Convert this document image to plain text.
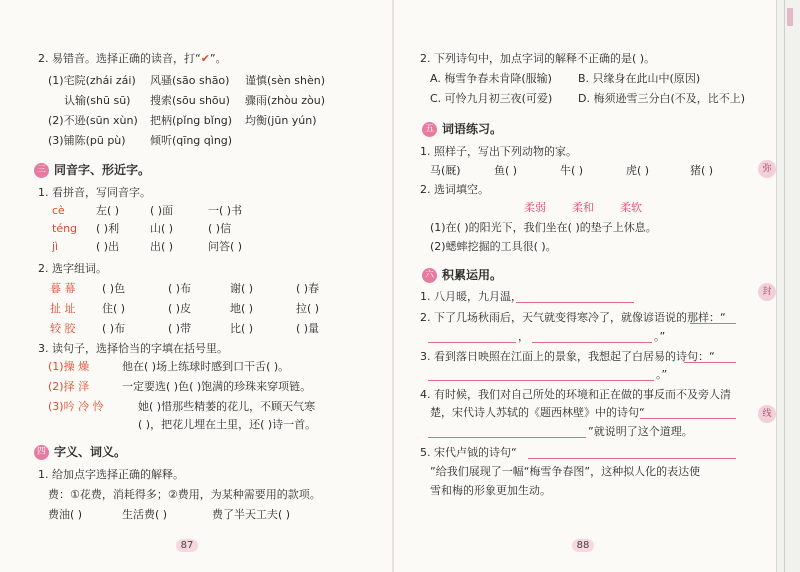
弥
封
线
2. 易错音。选择正确的读音，打“✔”。
(1)宅院(zhái zái) 风骚(sāo shāo) 谨慎(sèn shèn)
认输(shū sū) 搜索(sōu shōu) 骤雨(zhòu zòu)
(2)不逊(sūn xùn) 把柄(pǐng bǐng) 均衡(jūn yún)
(3)铺陈(pū pù) 倾听(qīng qìng)
三 同音字、形近字。
1. 看拼音，写同音字。
cè	左( )	( )面	一( )书
téng ( )利	山( )	( )信
jì	( )出	出( )	问答( )
2. 选字组词。
暮 幕 ( )色	( )布	谢( )	( )春
扯 址 住( )	( )皮	地( )	拉( )
较 胶 ( )布	( )带	比( )	( )量
3. 读句子，选择恰当的字填在括号里。
(1)操 燥	他在( )场上练球时感到口干舌( )。
(2)择 泽	一定要选( )色( )饱满的珍珠来穿项链。
(3)吟 冷 怜	她( )惜那些精萎的花儿，不顾天气寒
( )，把花儿埋在土里，还( )诗一首。
四 字义、词义。
1. 给加点字选择正确的解释。
费：①花费，消耗得多；②费用，为某种需要用的款项。
费油( )	生活费( )	费了半天工夫( )
87
2. 下列诗句中，加点字词的解释不正确的是( )。
A. 梅雪争春未肯降(服输) B. 只缘身在此山中(原因)
C. 可怜九月初三夜(可爱) D. 梅须逊雪三分白(不及，比不上)
五 词语练习。
1. 照样子，写出下列动物的家。
马(厩)	鱼( )	牛( )	虎( )	猪( )
2. 选词填空。
柔弱 柔和 柔软
(1)在( )的阳光下，我们坐在( )的垫子上休息。
(2)蟋蟀挖掘的工具很( )。
六 积累运用。
1. 八月暖，九月温，
2. 下了几场秋雨后，天气就变得寒冷了，就像谚语说的那样：“
，	。”
3. 看到落日映照在江面上的景象，我想起了白居易的诗句：“
。”
4. 有时候，我们对自己所处的环境和正在做的事反而不及旁人清
楚，宋代诗人苏轼的《题西林壁》中的诗句“
”就说明了这个道理。
5. 宋代卢钺的诗句“
”给我们展现了一幅“梅雪争春图”，这种拟人化的表达使
雪和梅的形象更加生动。
88
